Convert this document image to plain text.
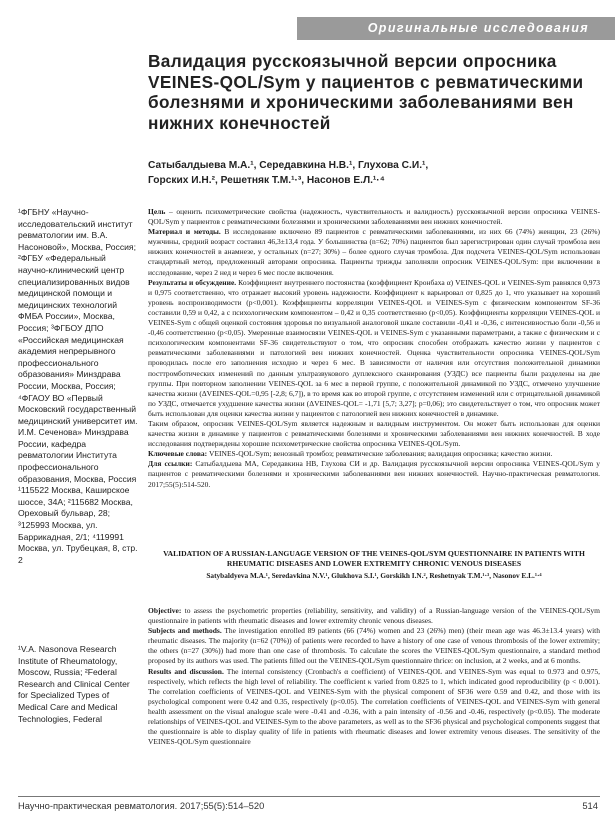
Оригинальные исследования
Валидация русскоязычной версии опросника VEINES-QOL/Sym у пациентов с ревматическими болезнями и хроническими заболеваниями вен нижних конечностей
Сатыбалдыева М.А.¹, Середавкина Н.В.¹, Глухова С.И.¹,
Горских И.Н.², Решетняк Т.М.¹·³, Насонов Е.Л.¹·⁴

¹ФГБНУ «Научно-исследовательский институт ревматологии им. В.А. Насоновой», Москва, Россия; ²ФГБУ «Федеральный научно-клинический центр специализированных видов медицинской помощи и медицинских технологий ФМБА России», Москва, Россия; ³ФГБОУ ДПО «Российская медицинская академия непрерывного профессионального образования» Минздрава России, Москва, Россия; ⁴ФГАОУ ВО «Первый Московский государственный медицинский университет им. И.М. Сеченова» Минздрава России, кафедра ревматологии Института профессионального образования, Москва, Россия

¹115522 Москва, Каширское шоссе, 34А; ²115682 Москва, Ореховый бульвар, 28; ³125993 Москва, ул. Баррикадная, 2/1; ⁴119991 Москва, ул. Трубецкая, 8, стр. 2

¹V.A. Nasonova Research Institute of Rheumatology, Moscow, Russia; ²Federal Research and Clinical Center for Specialized Types of Medical Care and Medical Technologies, Federal

Цель – оценить психометрические свойства (надежность, чувствительность и валидность) русскоязычной версии опросника VEINES-QOL/Sym у пациентов с ревматическими болезнями и хроническими заболеваниями вен нижних конечностей.

Материал и методы. В исследование включено 89 пациентов с ревматическими заболеваниями, из них 66 (74%) женщин, 23 (26%) мужчины, средний возраст составил 46,3±13,4 года. У большинства (n=62; 70%) пациентов был зарегистрирован один случай тромбоза вен нижних конечностей в анамнезе, у остальных (n=27; 30%) – более одного случая тромбоза. Для подсчета VEINES-QOL/Sym использован стандартный метод, предложенный авторами опросника. Пациенты трижды заполняли опросник VEINES-QOL/Sym: при включении в исследование, через 2 нед и через 6 мес после включения.

Результаты и обсуждение. Коэффициент внутреннего постоянства (коэффициент Кронбаха α) VEINES-QOL и VEINES-Sym равнялся 0,973 и 0,975 соответственно, что отражает высокий уровень надежности. Коэффициент κ варьировал от 0,825 до 1, что указывает на хороший уровень воспроизводимости (p<0,001). Коэффициенты корреляции VEINES-QOL и VEINES-Sym с физическим компонентом SF-36 составили 0,59 и 0,42, а с психологическим компонентом – 0,42 и 0,35 соответственно (p<0,05). Коэффициенты корреляции VEINES-QOL и VEINES-Sym с общей оценкой состояния здоровья по визуальной аналоговой шкале составили -0,41 и -0,36, с интенсивностью боли -0,56 и -0,46 соответственно (p<0,05). Умеренные взаимосвязи VEINES-QOL и VEINES-Sym с указанными параметрами, а также с физическим и с психологическим компонентами SF-36 свидетельствуют о том, что опросник способен отображать качество жизни у пациентов с ревматическими заболеваниями и патологией вен нижних конечностей. Оценка чувствительности опросника VEINES-QOL/Sym проводилась после его заполнения исходно и через 6 мес. В зависимости от наличия или отсутствия положительной динамики посттромботических изменений по данным ультразвукового дуплексного сканирования (УЗДС) все пациенты были разделены на две группы. При повторном заполнении VEINES-QOL за 6 мес в первой группе, с положительной динамикой по УЗДС, отмечено улучшение качества жизни (ΔVEINES-QOL=0,95 [-2,8; 6,7]), в то время как во второй группе, с отсутствием изменений или с отрицательной динамикой по УЗДС, отмечается ухудшение качества жизни (ΔVEINES-QOL= -1,71 [5,7; 3,27]; p=0,06); это свидетельствует о том, что опросник может быть использован для оценки качества жизни у пациентов с патологией вен нижних конечностей в динамике.

Таким образом, опросник VEINES-QOL/Sym является надежным и валидным инструментом. Он может быть использован для оценки качества жизни в динамике у пациентов с ревматическими болезнями и хроническими заболеваниями вен нижних конечностей. В ходе исследования подтверждены хорошие психометрические свойства опросника VEINES-QOL/Sym.

Ключевые слова: VEINES-QOL/Sym; венозный тромбоз; ревматические заболевания; валидация опросника; качество жизни.

Для ссылки: Сатыбалдыева МА, Середавкина НВ, Глухова СИ и др. Валидация русскоязычной версии опросника VEINES-QOL/Sym у пациентов с ревматическими болезнями и хроническими заболеваниями вен нижних конечностей. Научно-практическая ревматология. 2017;55(5):514-520.

VALIDATION OF A RUSSIAN-LANGUAGE VERSION OF THE VEINES-QOL/SYM QUESTIONNAIRE IN PATIENTS WITH RHEUMATIC DISEASES AND LOWER EXTREMITY CHRONIC VENOUS DISEASES
Satybaldyeva M.A.¹, Seredavkina N.V.¹, Glukhova S.I.¹, Gorskikh I.N.², Reshetnyak T.M.¹·³, Nasonov E.L.¹·⁴

Objective: to assess the psychometric properties (reliability, sensitivity, and validity) of a Russian-language version of the VEINES-QOL/Sym questionnaire in patients with rheumatic diseases and lower extremity chronic venous diseases.

Subjects and methods. The investigation enrolled 89 patients (66 (74%) women and 23 (26%) men) (their mean age was 46.3±13.4 years) with rheumatic diseases. The majority (n=62 (70%)) of patients were recorded to have a history of one case of venous thrombosis of the lower extremity; the others (n=27 (30%)) had more than one case of thrombosis. To calculate the scores the VEINES-QOL/Sym questionnaire, a standard method proposed by its authors was used. The patients filled out the VEINES-QOL/Sym questionnaire thrice: on inclusion, at 2 weeks, and at 6 months.

Results and discussion. The internal consistency (Cronbach's α coefficient) of VEINES-QOL and VEINES-Sym was equal to 0.973 and 0.975, respectively, which reflects the high level of reliability. The coefficient κ varied from 0.825 to 1, which indicated good reproducibility (p < 0.001). The correlation coefficients of VEINES-QOL and VEINES-Sym with the physical component of SF36 were 0.59 and 0.42, and those with its psychological component were 0.42 and 0.35, respectively (p<0.05). The correlation coefficients of VEINES-QOL and VEINES-Sym with general health assessment on the visual analogue scale were -0.41 and -0.36, with a pain intensity of -0.56 and -0.46, respectively (p<0.05). The moderate relationships of VEINES-QOL and VEINES-Sym to the above parameters, as well as to the SF36 physical and psychological components suggest that the questionnaire is able to display quality of life in patients with rheumatic diseases and lower extremity venous diseases. The sensitivity of the VEINES-QOL/Sym questionnaire

Научно-практическая ревматология. 2017;55(5):514–520	514
